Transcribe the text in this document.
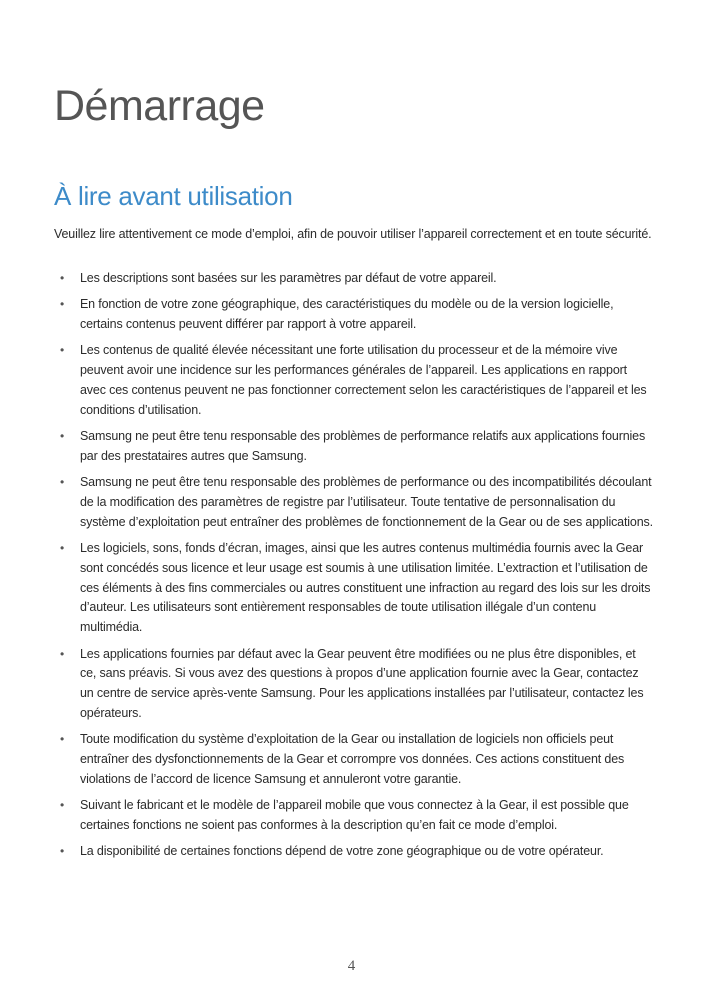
Démarrage
À lire avant utilisation

Veuillez lire attentivement ce mode d’emploi, afin de pouvoir utiliser l’appareil correctement et en toute sécurité.

• Les descriptions sont basées sur les paramètres par défaut de votre appareil.
• En fonction de votre zone géographique, des caractéristiques du modèle ou de la version logicielle, certains contenus peuvent différer par rapport à votre appareil.
• Les contenus de qualité élevée nécessitant une forte utilisation du processeur et de la mémoire vive peuvent avoir une incidence sur les performances générales de l’appareil. Les applications en rapport avec ces contenus peuvent ne pas fonctionner correctement selon les caractéristiques de l’appareil et les conditions d’utilisation.
• Samsung ne peut être tenu responsable des problèmes de performance relatifs aux applications fournies par des prestataires autres que Samsung.
• Samsung ne peut être tenu responsable des problèmes de performance ou des incompatibilités découlant de la modification des paramètres de registre par l’utilisateur. Toute tentative de personnalisation du système d’exploitation peut entraîner des problèmes de fonctionnement de la Gear ou de ses applications.
• Les logiciels, sons, fonds d’écran, images, ainsi que les autres contenus multimédia fournis avec la Gear sont concédés sous licence et leur usage est soumis à une utilisation limitée. L’extraction et l’utilisation de ces éléments à des fins commerciales ou autres constituent une infraction au regard des lois sur les droits d’auteur. Les utilisateurs sont entièrement responsables de toute utilisation illégale d’un contenu multimédia.
• Les applications fournies par défaut avec la Gear peuvent être modifiées ou ne plus être disponibles, et ce, sans préavis. Si vous avez des questions à propos d’une application fournie avec la Gear, contactez un centre de service après-vente Samsung. Pour les applications installées par l’utilisateur, contactez les opérateurs.
• Toute modification du système d’exploitation de la Gear ou installation de logiciels non officiels peut entraîner des dysfonctionnements de la Gear et corrompre vos données. Ces actions constituent des violations de l’accord de licence Samsung et annuleront votre garantie.
• Suivant le fabricant et le modèle de l’appareil mobile que vous connectez à la Gear, il est possible que certaines fonctions ne soient pas conformes à la description qu’en fait ce mode d’emploi.
• La disponibilité de certaines fonctions dépend de votre zone géographique ou de votre opérateur.
4
